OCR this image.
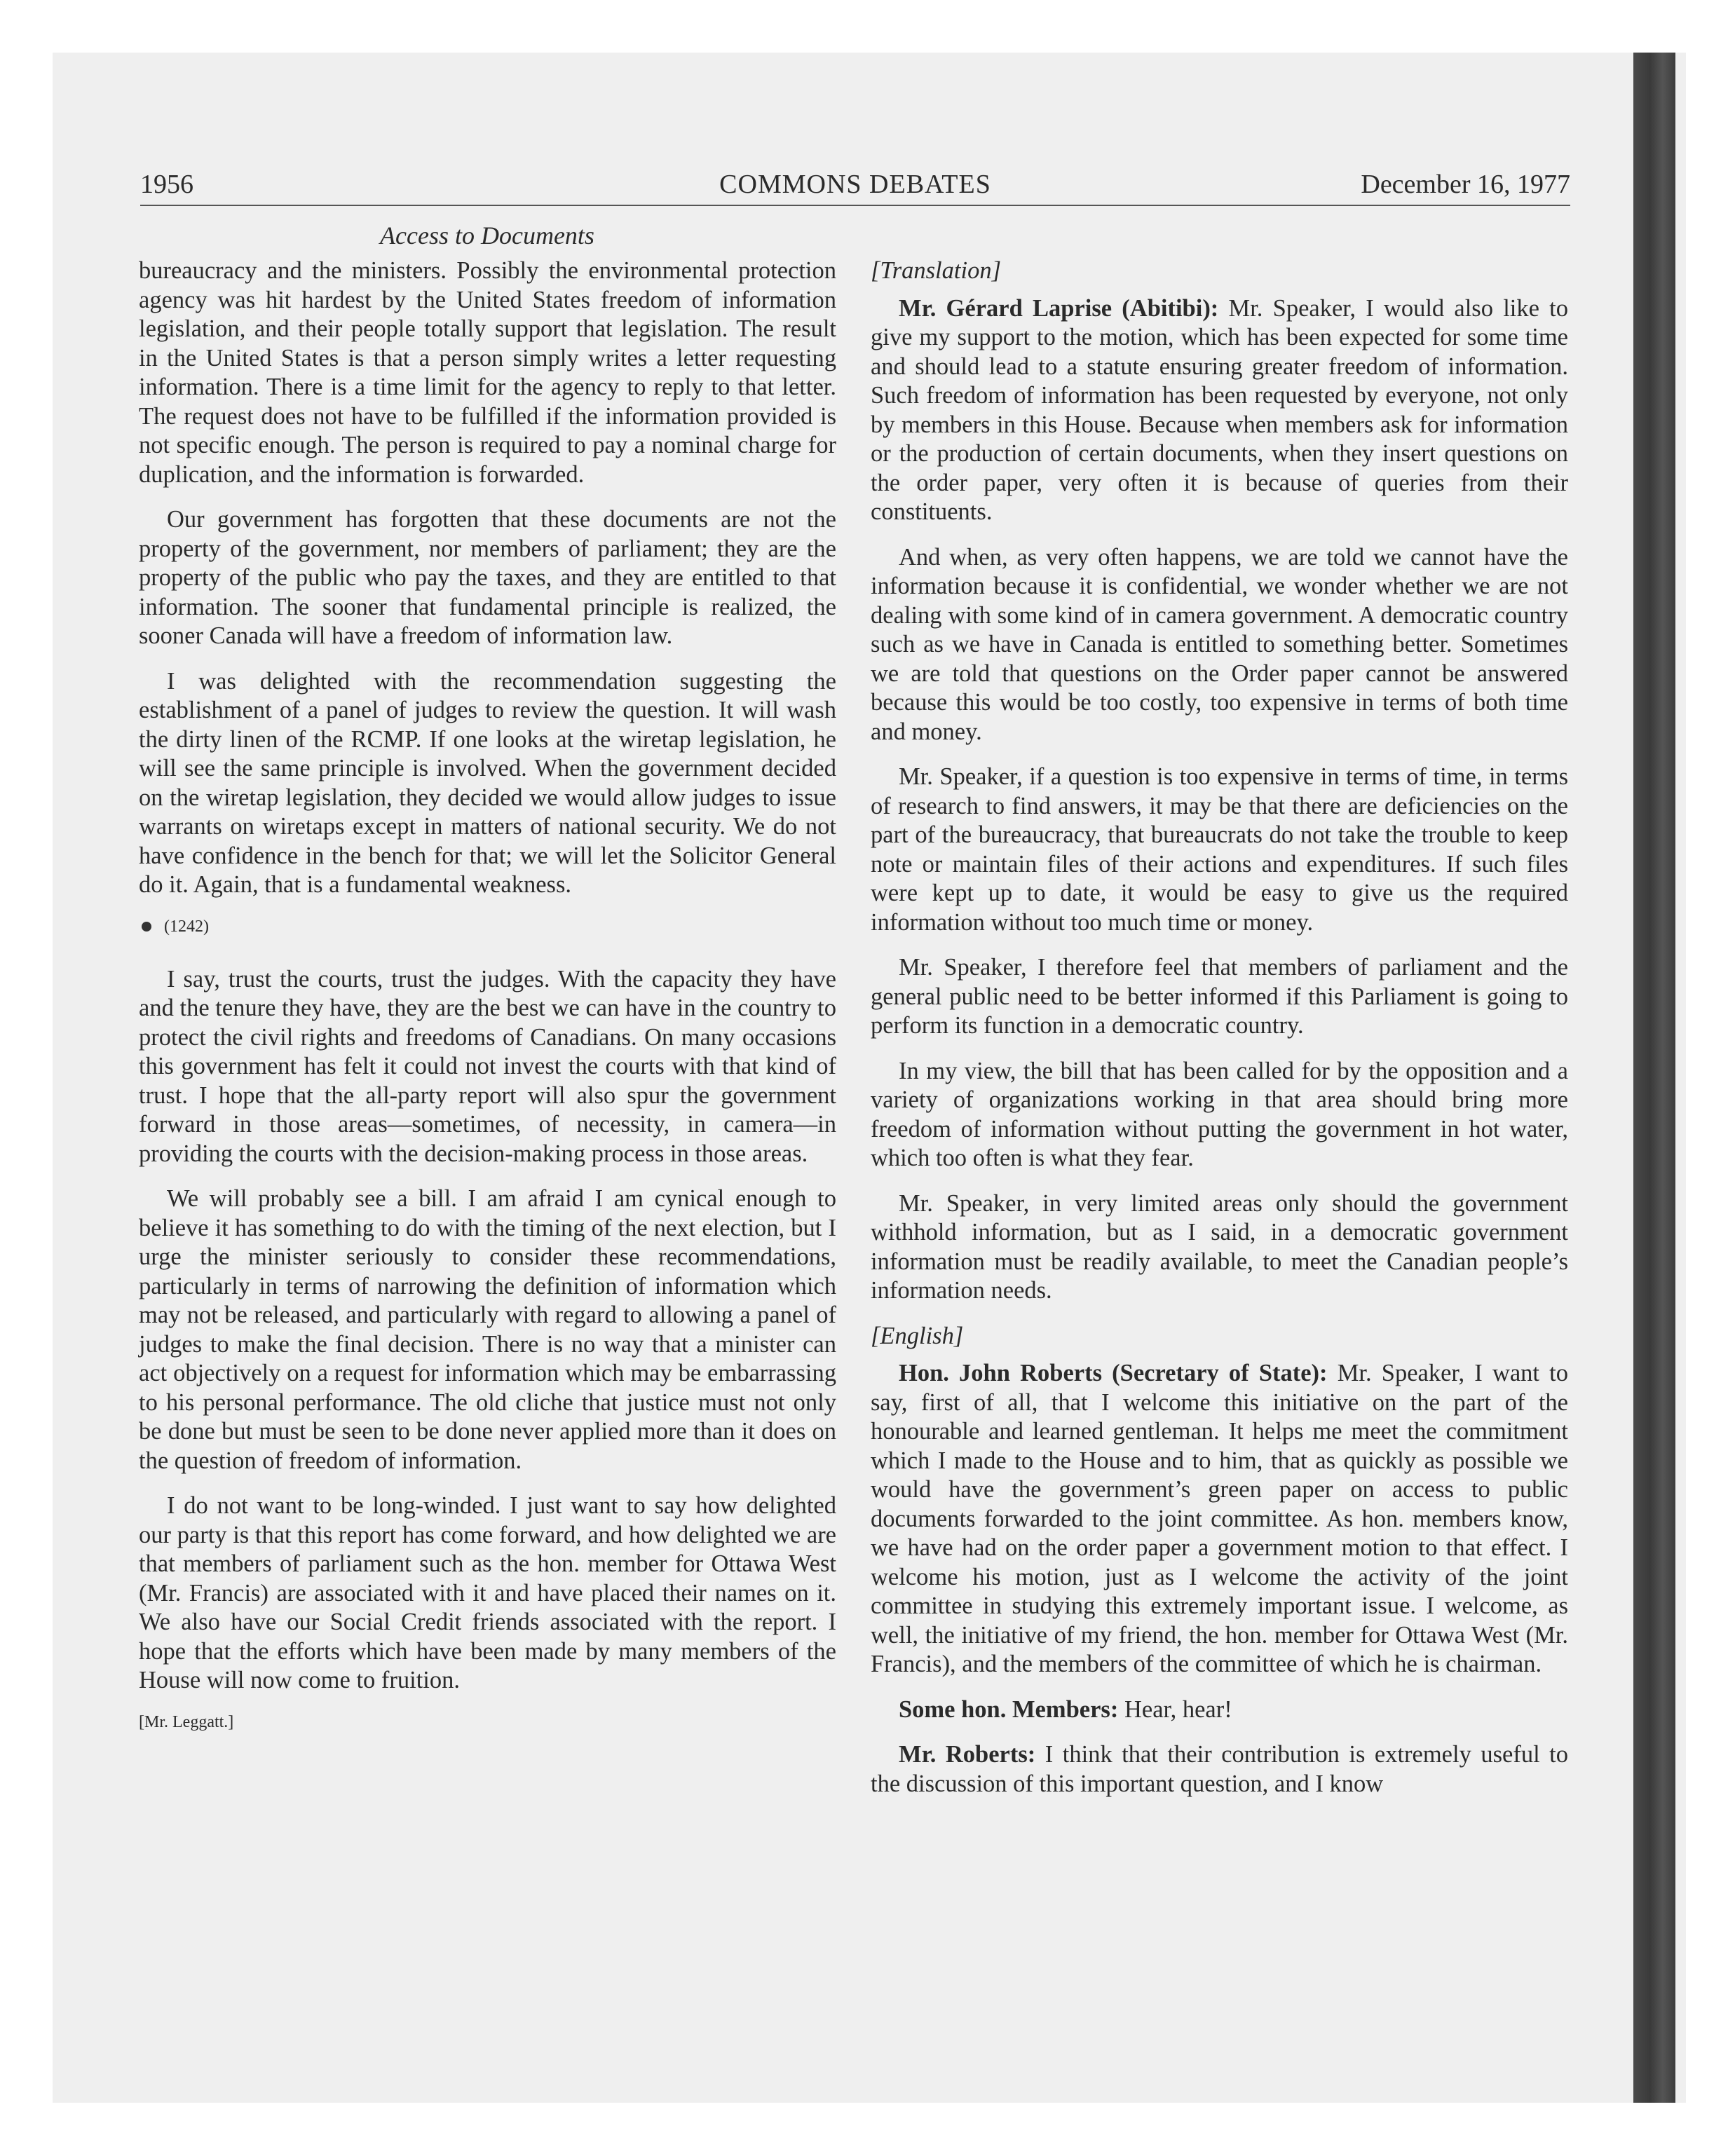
1956	COMMONS DEBATES	December 16, 1977
Access to Documents

bureaucracy and the ministers. Possibly the environmental protection agency was hit hardest by the United States freedom of information legislation, and their people totally support that legislation. The result in the United States is that a person simply writes a letter requesting information. There is a time limit for the agency to reply to that letter. The request does not have to be fulfilled if the information provided is not specific enough. The person is required to pay a nominal charge for duplication, and the information is forwarded.

Our government has forgotten that these documents are not the property of the government, nor members of parliament; they are the property of the public who pay the taxes, and they are entitled to that information. The sooner that fundamental principle is realized, the sooner Canada will have a freedom of information law.

I was delighted with the recommendation suggesting the establishment of a panel of judges to review the question. It will wash the dirty linen of the RCMP. If one looks at the wiretap legislation, he will see the same principle is involved. When the government decided on the wiretap legislation, they decided we would allow judges to issue warrants on wiretaps except in matters of national security. We do not have confidence in the bench for that; we will let the Solicitor General do it. Again, that is a fundamental weakness.

(1242)

I say, trust the courts, trust the judges. With the capacity they have and the tenure they have, they are the best we can have in the country to protect the civil rights and freedoms of Canadians. On many occasions this government has felt it could not invest the courts with that kind of trust. I hope that the all-party report will also spur the government forward in those areas—sometimes, of necessity, in camera—in providing the courts with the decision-making process in those areas.

We will probably see a bill. I am afraid I am cynical enough to believe it has something to do with the timing of the next election, but I urge the minister seriously to consider these recommendations, particularly in terms of narrowing the definition of information which may not be released, and particularly with regard to allowing a panel of judges to make the final decision. There is no way that a minister can act objectively on a request for information which may be embarrassing to his personal performance. The old cliche that justice must not only be done but must be seen to be done never applied more than it does on the question of freedom of information.

I do not want to be long-winded. I just want to say how delighted our party is that this report has come forward, and how delighted we are that members of parliament such as the hon. member for Ottawa West (Mr. Francis) are associated with it and have placed their names on it. We also have our Social Credit friends associated with the report. I hope that the efforts which have been made by many members of the House will now come to fruition.

[Mr. Leggatt.]

[Translation]

Mr. Gérard Laprise (Abitibi): Mr. Speaker, I would also like to give my support to the motion, which has been expected for some time and should lead to a statute ensuring greater freedom of information. Such freedom of information has been requested by everyone, not only by members in this House. Because when members ask for information or the production of certain documents, when they insert questions on the order paper, very often it is because of queries from their constituents.

And when, as very often happens, we are told we cannot have the information because it is confidential, we wonder whether we are not dealing with some kind of in camera government. A democratic country such as we have in Canada is entitled to something better. Sometimes we are told that questions on the Order paper cannot be answered because this would be too costly, too expensive in terms of both time and money.

Mr. Speaker, if a question is too expensive in terms of time, in terms of research to find answers, it may be that there are deficiencies on the part of the bureaucracy, that bureaucrats do not take the trouble to keep note or maintain files of their actions and expenditures. If such files were kept up to date, it would be easy to give us the required information without too much time or money.

Mr. Speaker, I therefore feel that members of parliament and the general public need to be better informed if this Parliament is going to perform its function in a democratic country.

In my view, the bill that has been called for by the opposition and a variety of organizations working in that area should bring more freedom of information without putting the government in hot water, which too often is what they fear.

Mr. Speaker, in very limited areas only should the government withhold information, but as I said, in a democratic government information must be readily available, to meet the Canadian people’s information needs.

[English]

Hon. John Roberts (Secretary of State): Mr. Speaker, I want to say, first of all, that I welcome this initiative on the part of the honourable and learned gentleman. It helps me meet the commitment which I made to the House and to him, that as quickly as possible we would have the government’s green paper on access to public documents forwarded to the joint committee. As hon. members know, we have had on the order paper a government motion to that effect. I welcome his motion, just as I welcome the activity of the joint committee in studying this extremely important issue. I welcome, as well, the initiative of my friend, the hon. member for Ottawa West (Mr. Francis), and the members of the committee of which he is chairman.

Some hon. Members: Hear, hear!

Mr. Roberts: I think that their contribution is extremely useful to the discussion of this important question, and I know
